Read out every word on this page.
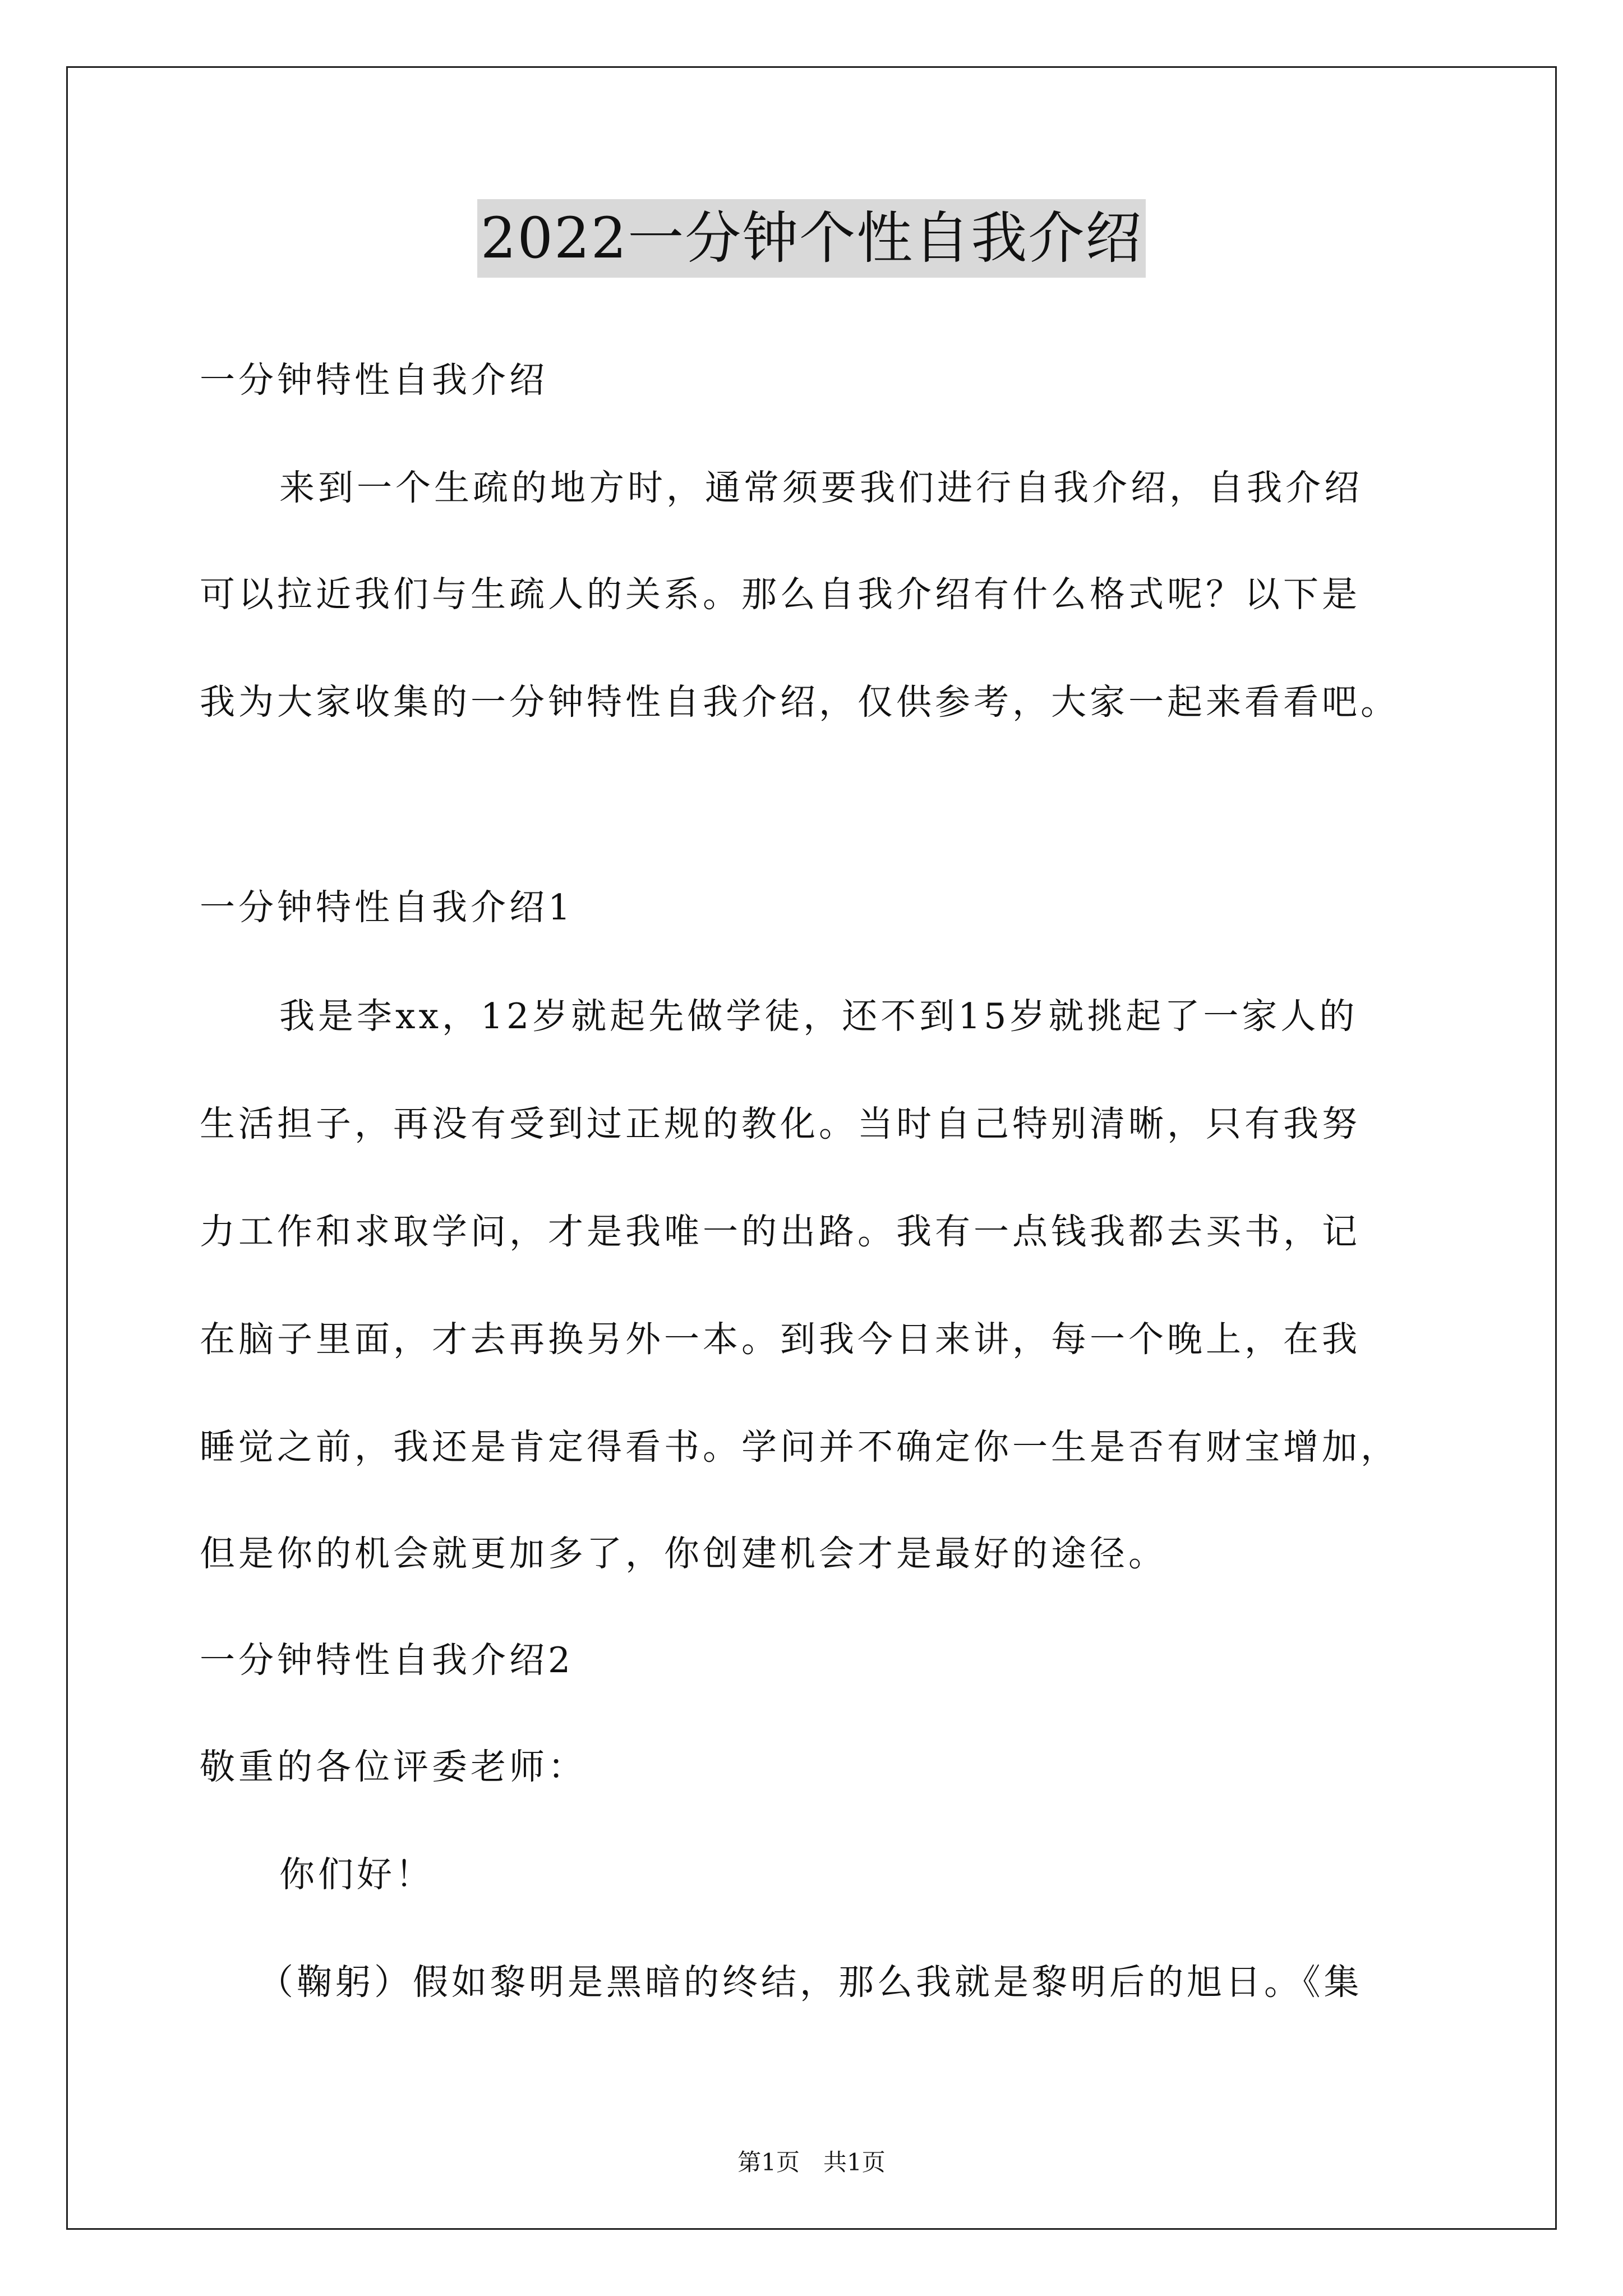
2022一分钟个性自我介绍
一分钟特性自我介绍
来到一个生疏的地方时，通常须要我们进行自我介绍，自我介绍
可以拉近我们与生疏人的关系。那么自我介绍有什么格式呢？以下是
我为大家收集的一分钟特性自我介绍，仅供参考，大家一起来看看吧。
一分钟特性自我介绍1
我是李xx，12岁就起先做学徒，还不到15岁就挑起了一家人的
生活担子，再没有受到过正规的教化。当时自己特别清晰，只有我努
力工作和求取学问，才是我唯一的出路。我有一点钱我都去买书，记
在脑子里面，才去再换另外一本。到我今日来讲，每一个晚上，在我
睡觉之前，我还是肯定得看书。学问并不确定你一生是否有财宝增加，
但是你的机会就更加多了，你创建机会才是最好的途径。
一分钟特性自我介绍2
敬重的各位评委老师：
你们好！
（鞠躬）假如黎明是黑暗的终结，那么我就是黎明后的旭日。《集
第1页　共1页
